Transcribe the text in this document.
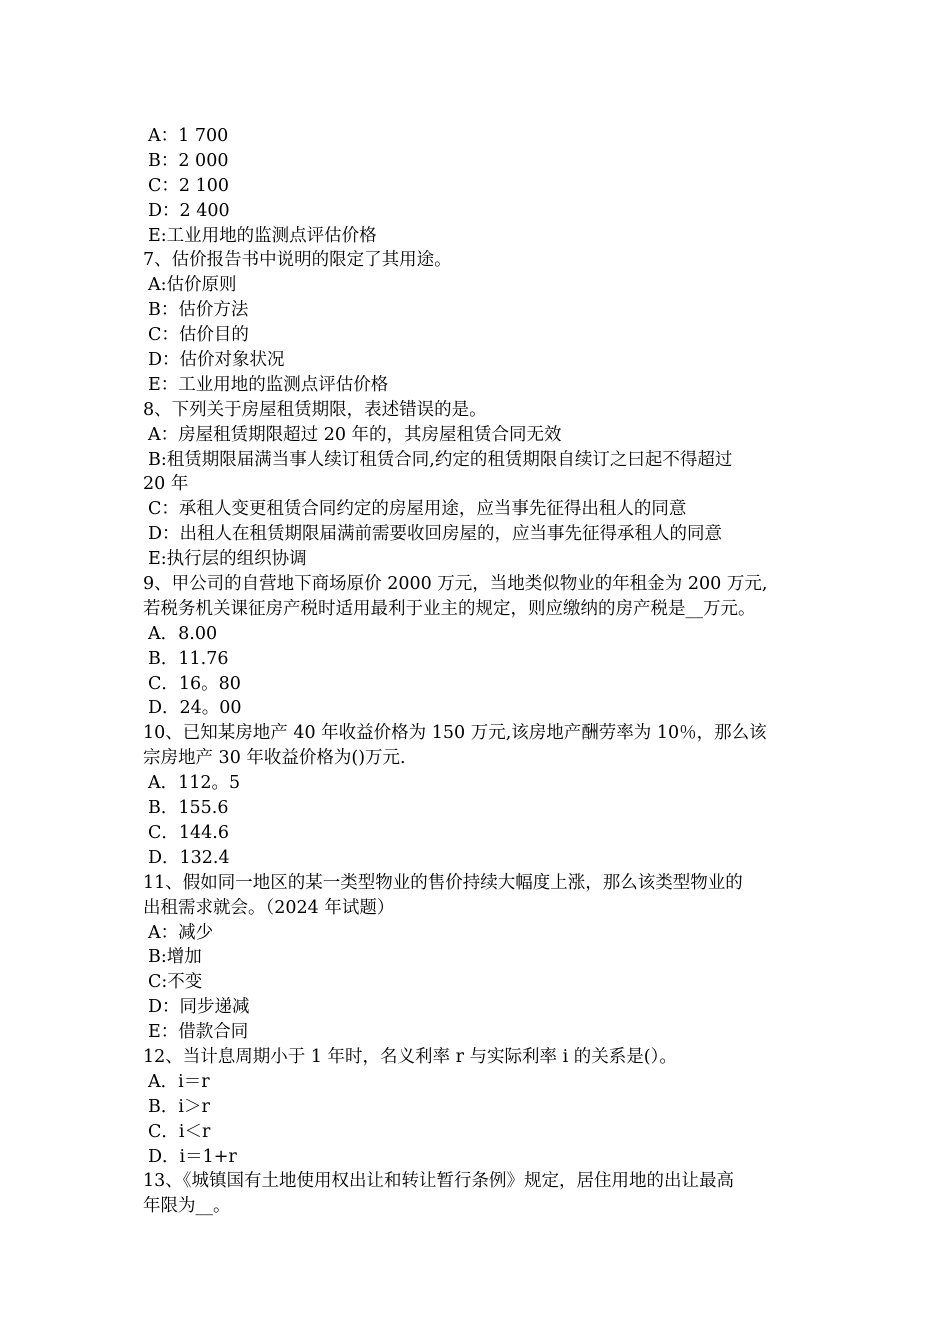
A：1 700
B：2 000
C：2 100
D：2 400
E:工业用地的监测点评估价格
7、估价报告书中说明的限定了其用途。
A:估价原则
B：估价方法
C：估价目的
D：估价对象状况
E：工业用地的监测点评估价格
8、下列关于房屋租赁期限，表述错误的是。
A：房屋租赁期限超过 20 年的，其房屋租赁合同无效
B:租赁期限届满当事人续订租赁合同,约定的租赁期限自续订之曰起不得超过
20 年
C：承租人变更租赁合同约定的房屋用途，应当事先征得出租人的同意
D：出租人在租赁期限届满前需要收回房屋的，应当事先征得承租人的同意
E:执行层的组织协调
9、甲公司的自营地下商场原价 2000 万元，当地类似物业的年租金为 200 万元,
若税务机关课征房产税时适用最利于业主的规定，则应缴纳的房产税是__万元。
A．8.00
B．11.76
C．16。80
D．24。00
10、已知某房地产 40 年收益价格为 150 万元,该房地产酬劳率为 10％，那么该
宗房地产 30 年收益价格为()万元.
A．112。5
B．155.6
C．144.6
D．132.4
11、假如同一地区的某一类型物业的售价持续大幅度上涨，那么该类型物业的
出租需求就会。（2024 年试题）
A：减少
B:增加
C:不变
D：同步递减
E：借款合同
12、当计息周期小于 1 年时，名义利率 r 与实际利率 i 的关系是(）。
A．i＝r
B．i＞r
C．i＜r
D．i＝1+r
13、《城镇国有土地使用权出让和转让暂行条例》规定，居住用地的出让最高
年限为__。
